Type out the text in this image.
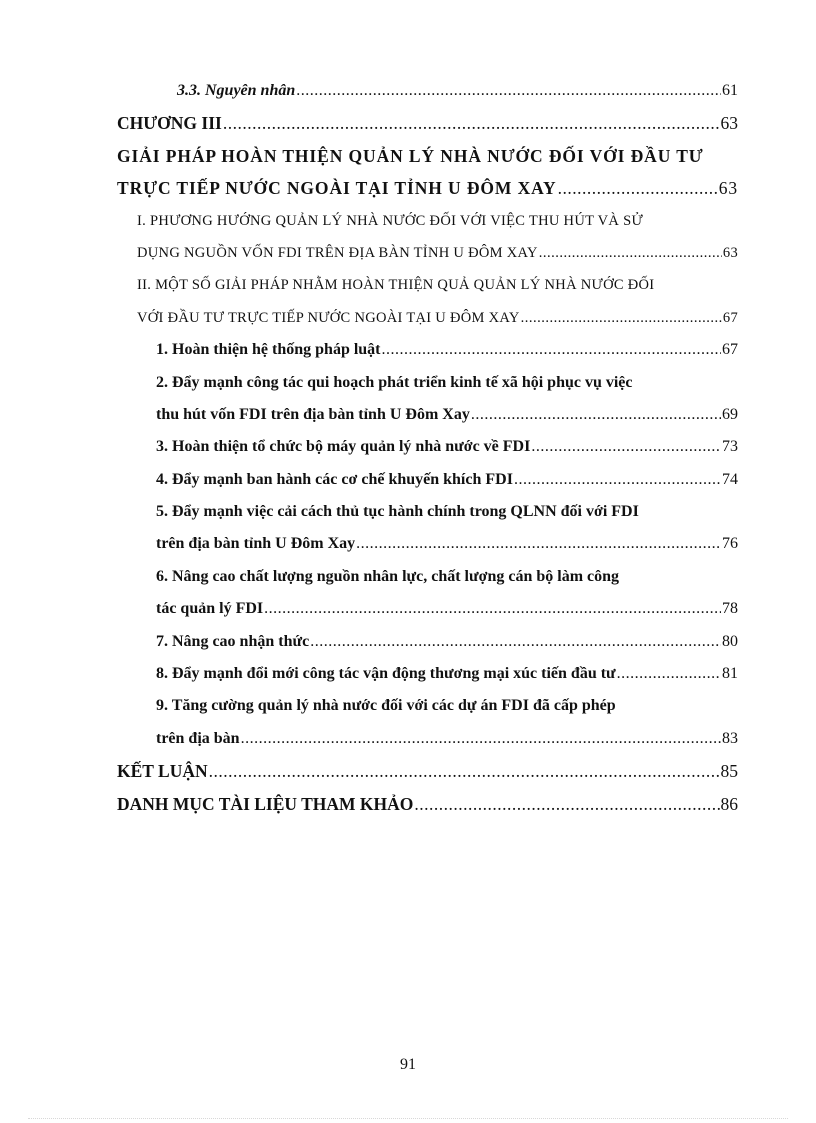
3.3. Nguyên nhân .....	61
CHƯƠNG III .....	63
GIẢI PHÁP HOÀN THIỆN QUẢN LÝ NHÀ NƯỚC ĐỐI VỚI ĐẦU TƯ
TRỰC TIẾP NƯỚC NGOÀI TẠI TỈNH U ĐÔM XAY .....	63
I. PHƯƠNG HƯỚNG QUẢN LÝ NHÀ NƯỚC ĐỐI VỚI VIỆC THU HÚT VÀ SỬ
DỤNG NGUỒN VỐN FDI TRÊN ĐỊA BÀN TỈNH U ĐÔM XAY .....	63
II. MỘT SỐ GIẢI PHÁP NHẰM HOÀN THIỆN QUẢ QUẢN LÝ NHÀ NƯỚC ĐỐI
VỚI ĐẦU TƯ TRỰC TIẾP NƯỚC NGOÀI TẠI U ĐÔM XAY .....	67
1. Hoàn thiện hệ thống pháp luật .....	67
2. Đẩy mạnh công tác qui hoạch phát triển kinh tế xã hội phục vụ việc
thu hút vốn FDI trên địa bàn tỉnh U Đôm Xay .....	69
3. Hoàn thiện tổ chức bộ máy quản lý nhà nước về FDI .....	73
4. Đẩy mạnh ban hành các cơ chế khuyến khích FDI .....	74
5. Đẩy mạnh việc cải cách thủ tục hành chính trong QLNN đối với FDI
trên địa bàn tỉnh U Đôm Xay .....	76
6. Nâng cao chất lượng nguồn nhân lực, chất lượng cán bộ làm công
tác quản lý FDI .....	78
7. Nâng cao nhận thức .....	80
8. Đẩy mạnh đổi mới công tác vận động thương mại xúc tiến đầu tư .....	81
9. Tăng cường quản lý nhà nước đối với các dự án FDI đã cấp phép
trên địa bàn .....	83
KẾT LUẬN .....	85
DANH MỤC TÀI LIỆU THAM KHẢO .....	86
91
